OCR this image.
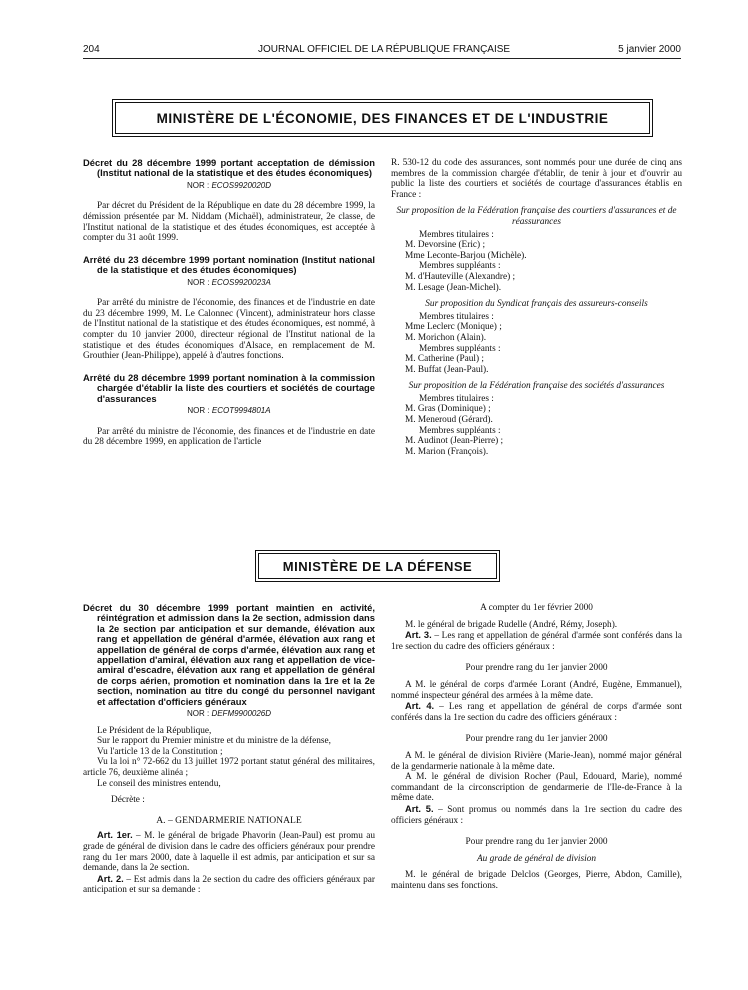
204	JOURNAL OFFICIEL DE LA RÉPUBLIQUE FRANÇAISE	5 janvier 2000
MINISTÈRE DE L'ÉCONOMIE, DES FINANCES ET DE L'INDUSTRIE

Décret du 28 décembre 1999 portant acceptation de démission (Institut national de la statistique et des études économiques)

NOR : ECOS9920020D

Par décret du Président de la République en date du 28 décembre 1999, la démission présentée par M. Niddam (Michaël), administrateur, 2e classe, de l'Institut national de la statistique et des études économiques, est acceptée à compter du 31 août 1999.

Arrêté du 23 décembre 1999 portant nomination (Institut national de la statistique et des études économiques)

NOR : ECOS9920023A

Par arrêté du ministre de l'économie, des finances et de l'industrie en date du 23 décembre 1999, M. Le Calonnec (Vincent), administrateur hors classe de l'Institut national de la statistique et des études économiques, est nommé, à compter du 10 janvier 2000, directeur régional de l'Institut national de la statistique et des études économiques d'Alsace, en remplacement de M. Grouthier (Jean-Philippe), appelé à d'autres fonctions.

Arrêté du 28 décembre 1999 portant nomination à la commission chargée d'établir la liste des courtiers et sociétés de courtage d'assurances

NOR : ECOT9994801A

Par arrêté du ministre de l'économie, des finances et de l'industrie en date du 28 décembre 1999, en application de l'article

R. 530-12 du code des assurances, sont nommés pour une durée de cinq ans membres de la commission chargée d'établir, de tenir à jour et d'ouvrir au public la liste des courtiers et sociétés de courtage d'assurances établis en France :

Sur proposition de la Fédération française des courtiers d'assurances et de réassurances

Membres titulaires :

M. Devorsine (Eric) ;

Mme Leconte-Barjou (Michèle).

Membres suppléants :

M. d'Hauteville (Alexandre) ;

M. Lesage (Jean-Michel).

Sur proposition du Syndicat français des assureurs-conseils

Membres titulaires :

Mme Leclerc (Monique) ;

M. Morichon (Alain).

Membres suppléants :

M. Catherine (Paul) ;

M. Buffat (Jean-Paul).

Sur proposition de la Fédération française des sociétés d'assurances

Membres titulaires :

M. Gras (Dominique) ;

M. Meneroud (Gérard).

Membres suppléants :

M. Audinot (Jean-Pierre) ;

M. Marion (François).

MINISTÈRE DE LA DÉFENSE

Décret du 30 décembre 1999 portant maintien en activité, réintégration et admission dans la 2e section, admission dans la 2e section par anticipation et sur demande, élévation aux rang et appellation de général d'armée, élévation aux rang et appellation de général de corps d'armée, élévation aux rang et appellation d'amiral, élévation aux rang et appellation de vice-amiral d'escadre, élévation aux rang et appellation de général de corps aérien, promotion et nomination dans la 1re et la 2e section, nomination au titre du congé du personnel navigant et affectation d'officiers généraux

NOR : DEFM9900026D

Le Président de la République,

Sur le rapport du Premier ministre et du ministre de la défense,

Vu l'article 13 de la Constitution ;

Vu la loi n° 72-662 du 13 juillet 1972 portant statut général des militaires, article 76, deuxième alinéa ;

Le conseil des ministres entendu,

Décrète :

A. – GENDARMERIE NATIONALE

Art. 1er. – M. le général de brigade Phavorin (Jean-Paul) est promu au grade de général de division dans le cadre des officiers généraux pour prendre rang du 1er mars 2000, date à laquelle il est admis, par anticipation et sur sa demande, dans la 2e section.

Art. 2. – Est admis dans la 2e section du cadre des officiers généraux par anticipation et sur sa demande :

A compter du 1er février 2000

M. le général de brigade Rudelle (André, Rémy, Joseph).

Art. 3. – Les rang et appellation de général d'armée sont conférés dans la 1re section du cadre des officiers généraux :

Pour prendre rang du 1er janvier 2000

A M. le général de corps d'armée Lorant (André, Eugène, Emmanuel), nommé inspecteur général des armées à la même date.

Art. 4. – Les rang et appellation de général de corps d'armée sont conférés dans la 1re section du cadre des officiers généraux :

Pour prendre rang du 1er janvier 2000

A M. le général de division Rivière (Marie-Jean), nommé major général de la gendarmerie nationale à la même date.

A M. le général de division Rocher (Paul, Edouard, Marie), nommé commandant de la circonscription de gendarmerie de l'Ile-de-France à la même date.

Art. 5. – Sont promus ou nommés dans la 1re section du cadre des officiers généraux :

Pour prendre rang du 1er janvier 2000

Au grade de général de division

M. le général de brigade Delclos (Georges, Pierre, Abdon, Camille), maintenu dans ses fonctions.
